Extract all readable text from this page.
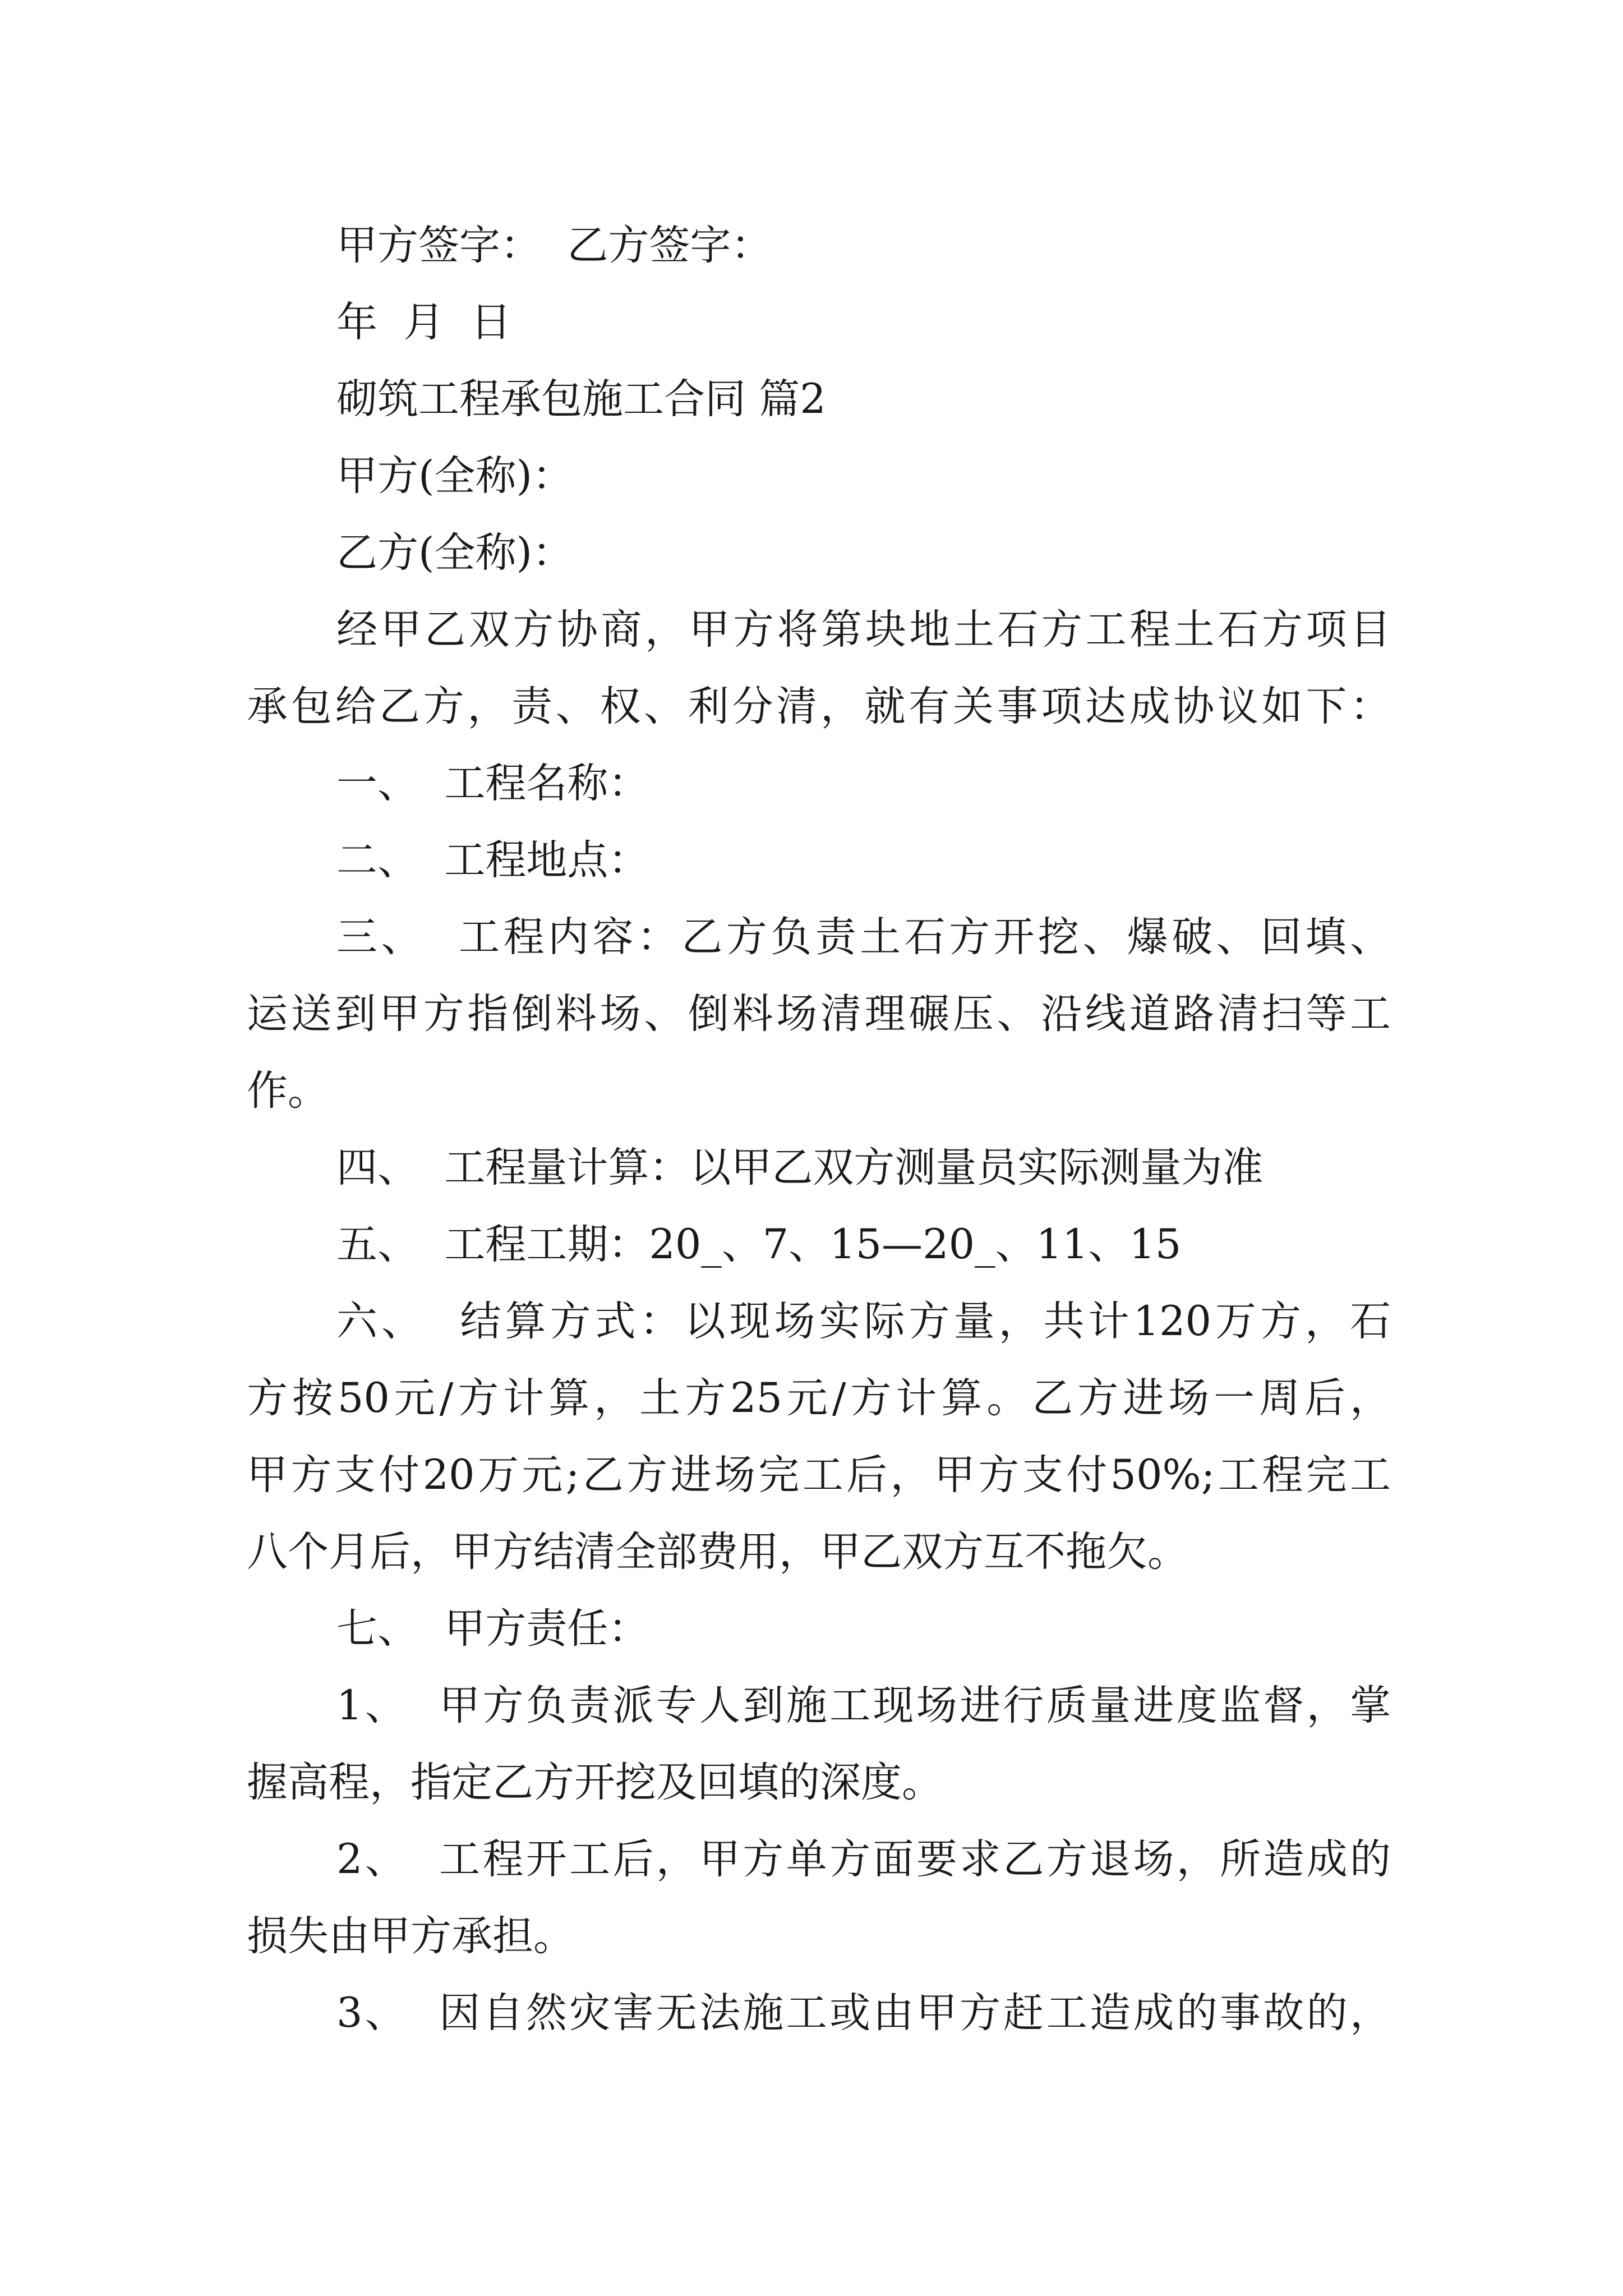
甲方签字：  乙方签字：
年  月  日
砌筑工程承包施工合同 篇2
甲方(全称)：
乙方(全称)：
经甲乙双方协商，甲方将第块地土石方工程土石方项目
承包给乙方，责、权、利分清，就有关事项达成协议如下：
一、  工程名称：
二、  工程地点：
三、  工程内容：乙方负责土石方开挖、爆破、回填、
运送到甲方指倒料场、倒料场清理碾压、沿线道路清扫等工
作。
四、  工程量计算：以甲乙双方测量员实际测量为准
五、  工程工期：20_、7、15—20_、11、15
六、  结算方式：以现场实际方量，共计120万方，石
方按50元/方计算，土方25元/方计算。乙方进场一周后，
甲方支付20万元;乙方进场完工后，甲方支付50%;工程完工
八个月后，甲方结清全部费用，甲乙双方互不拖欠。
七、  甲方责任：
1、  甲方负责派专人到施工现场进行质量进度监督，掌
握高程，指定乙方开挖及回填的深度。
2、  工程开工后，甲方单方面要求乙方退场，所造成的
损失由甲方承担。
3、  因自然灾害无法施工或由甲方赶工造成的事故的，
